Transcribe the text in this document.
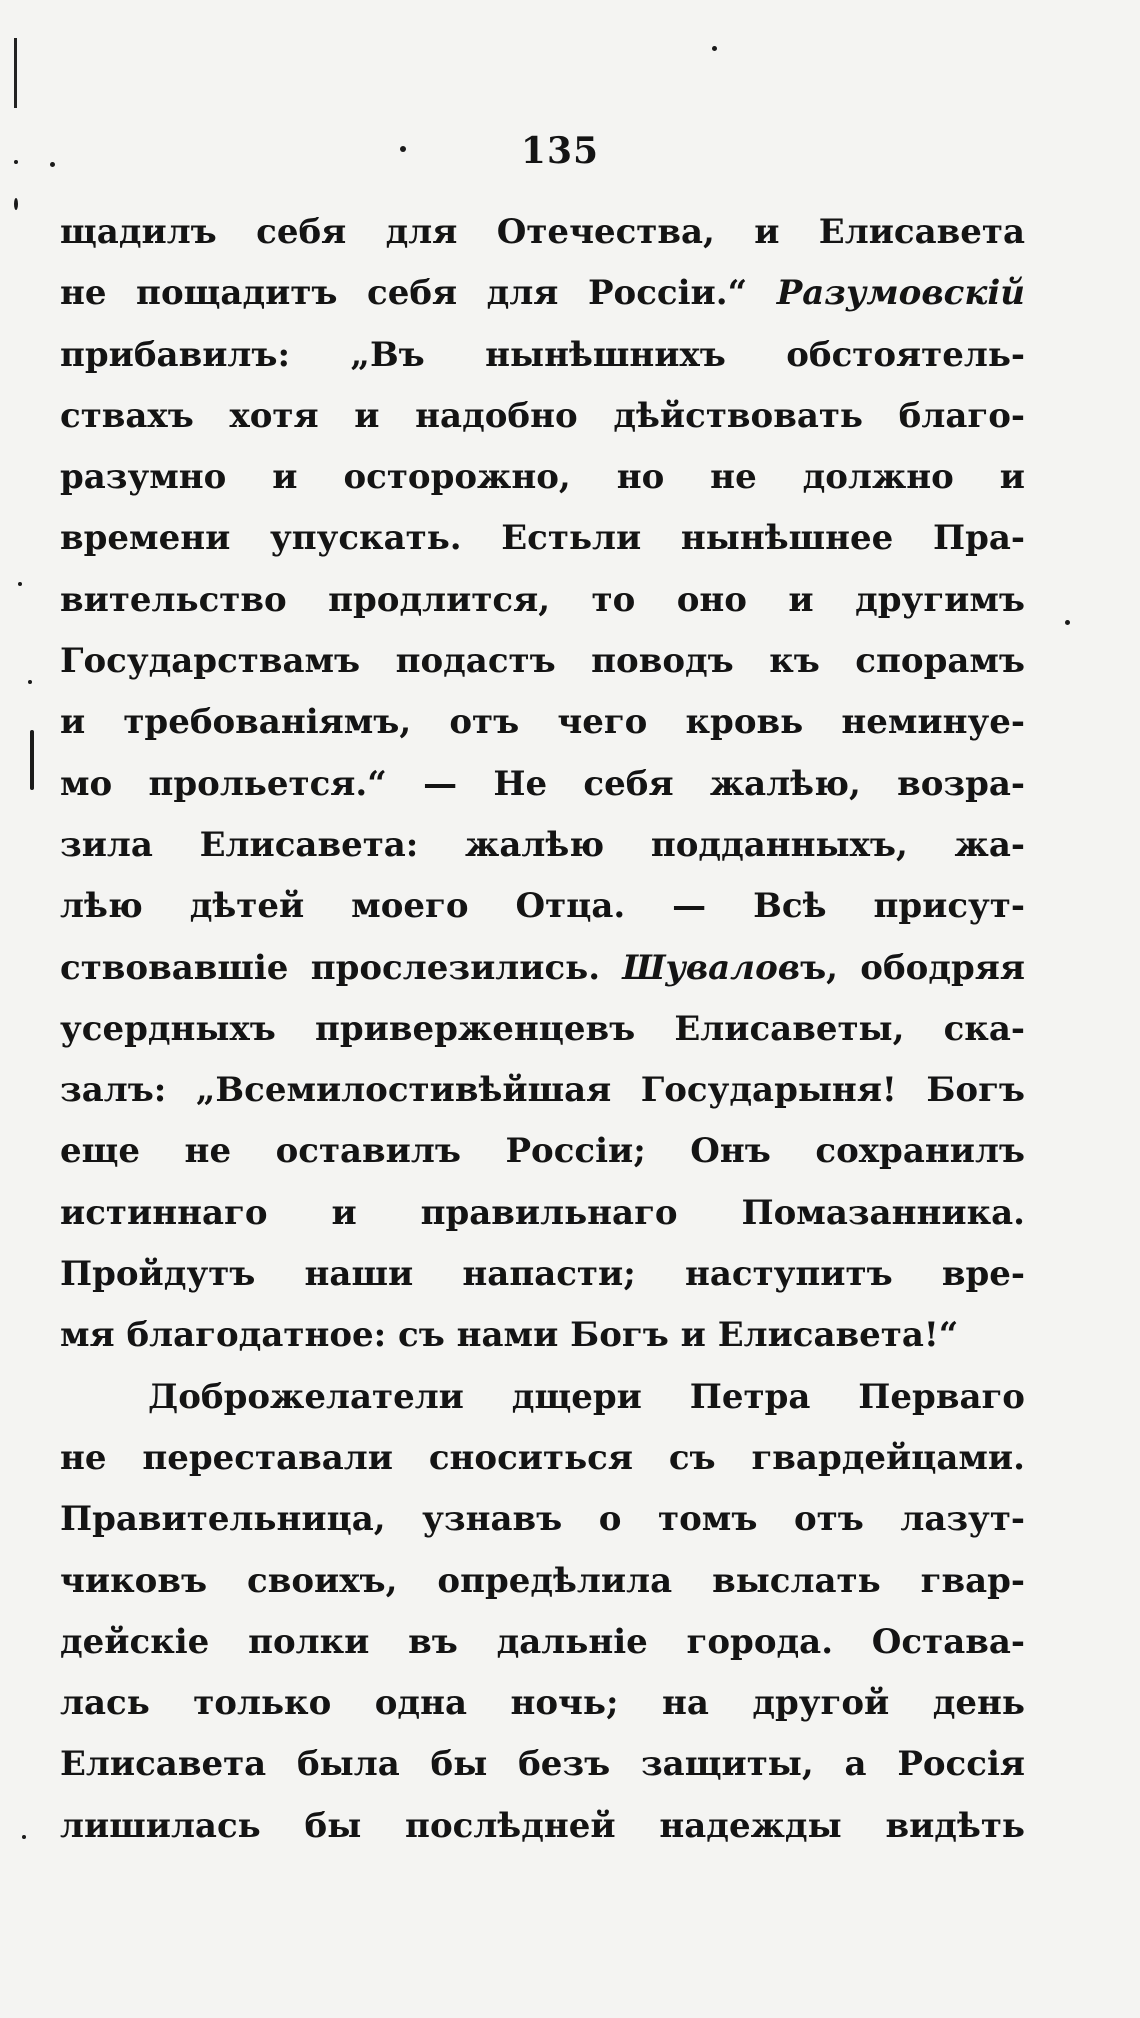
135
щадилъ себя для Отечества, и Елисавета
не пощадитъ себя для Россіи.“ Разумовскій
прибавилъ: „Въ нынѣшнихъ обстоятель-
ствахъ хотя и надобно дѣйствовать благо-
разумно и осторожно, но не должно и
времени упускать. Естьли нынѣшнее Пра-
вительство продлится, то оно и другимъ
Государствамъ подастъ поводъ къ спорамъ
и требованіямъ, отъ чего кровь неминуе-
мо прольется.“ — Не себя жалѣю, возра-
зила Елисавета: жалѣю подданныхъ, жа-
лѣю дѣтей моего Отца. — Всѣ присут-
ствовавшіе прослезились. Шуваловъ, ободряя
усердныхъ приверженцевъ Елисаветы, ска-
залъ: „Всемилостивѣйшая Государыня! Богъ
еще не оставилъ Россіи; Онъ сохранилъ
истиннаго и правильнаго Помазанника.
Пройдутъ наши напасти; наступитъ вре-
мя благодатное: съ нами Богъ и Елисавета!“
Доброжелатели дщери Петра Перваго
не переставали сноситься съ гвардейцами.
Правительница, узнавъ о томъ отъ лазут-
чиковъ своихъ, опредѣлила выслать гвар-
дейскіе полки въ дальніе города. Остава-
лась только одна ночь; на другой день
Елисавета была бы безъ защиты, а Россія
лишилась бы послѣдней надежды видѣть
